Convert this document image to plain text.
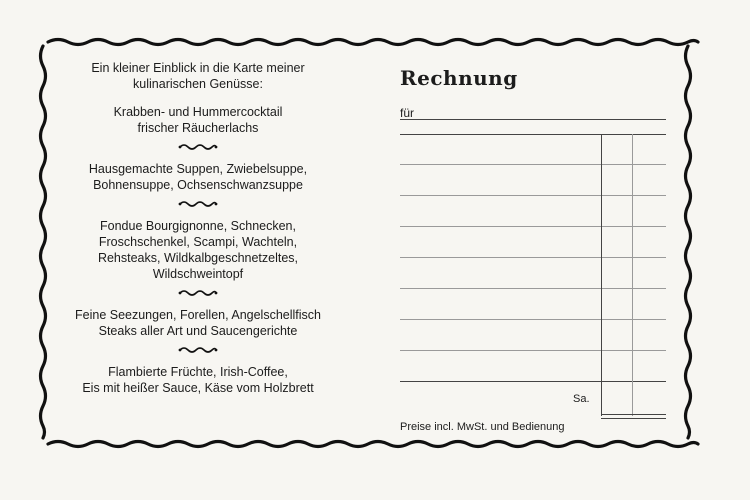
Ein kleiner Einblick in die Karte meiner

kulinarischen Genüsse:

Krabben- und Hummercocktail

frischer Räucherlachs

Hausgemachte Suppen, Zwiebelsuppe,

Bohnensuppe, Ochsenschwanzsuppe

Fondue Bourgignonne, Schnecken,

Froschschenkel, Scampi, Wachteln,

Rehsteaks, Wildkalbgeschnetzeltes,

Wildschweintopf

Feine Seezungen, Forellen, Angelschellfisch

Steaks aller Art und Saucengerichte

Flambierte Früchte, Irish-Coffee,

Eis mit heißer Sauce, Käse vom Holzbrett

Rechnung
für
Sa.
Preise incl. MwSt. und Bedienung
